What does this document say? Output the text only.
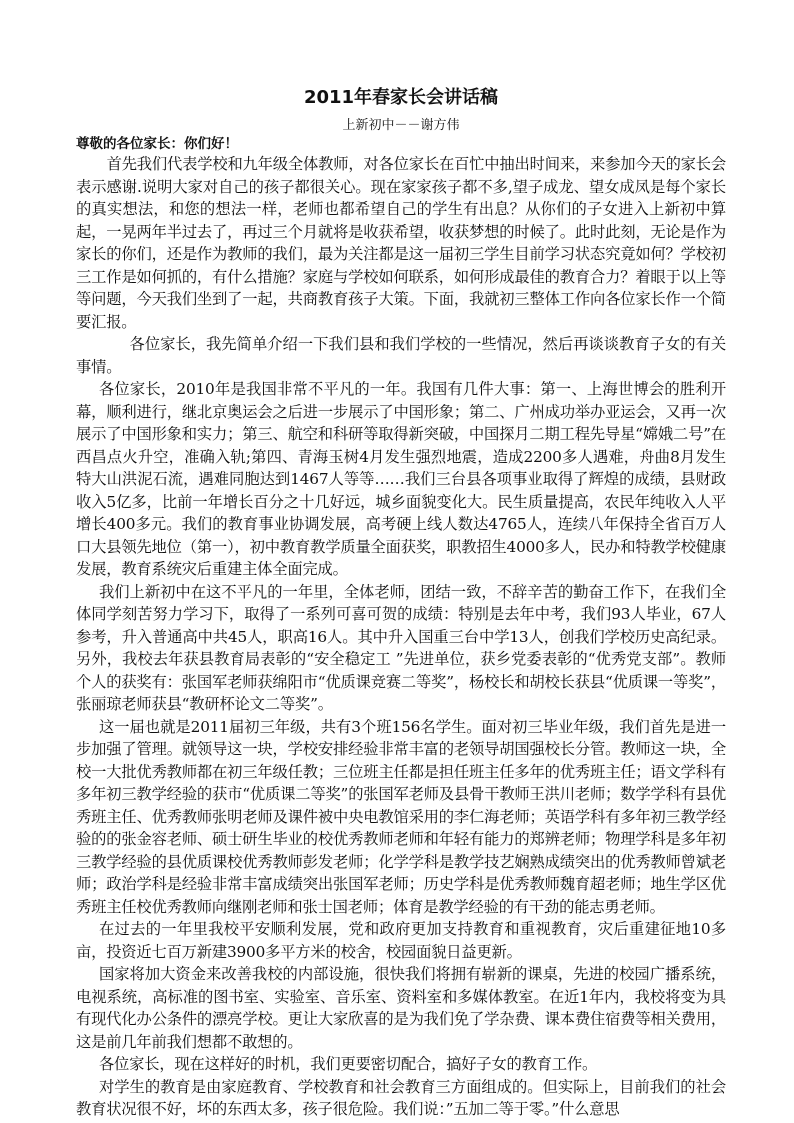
2011年春家长会讲话稿

上新初中－－谢方伟

尊敬的各位家长：你们好！

首先我们代表学校和九年级全体教师，对各位家长在百忙中抽出时间来，来参加今天的家长会表示感谢.说明大家对自己的孩子都很关心。现在家家孩子都不多,望子成龙、望女成凤是每个家长的真实想法，和您的想法一样，老师也都希望自己的学生有出息？从你们的子女进入上新初中算起，一晃两年半过去了，再过三个月就将是收获希望，收获梦想的时候了。此时此刻，无论是作为家长的你们，还是作为教师的我们，最为关注都是这一届初三学生目前学习状态究竟如何？学校初三工作是如何抓的，有什么措施？家庭与学校如何联系，如何形成最佳的教育合力？着眼于以上等等问题，今天我们坐到了一起，共商教育孩子大策。下面，我就初三整体工作向各位家长作一个简要汇报。

各位家长，我先简单介绍一下我们县和我们学校的一些情况，然后再谈谈教育子女的有关事情。

各位家长，2010年是我国非常不平凡的一年。我国有几件大事：第一、上海世博会的胜利开幕，顺利进行，继北京奥运会之后进一步展示了中国形象；第二、广州成功举办亚运会，又再一次展示了中国形象和实力；第三、航空和科研等取得新突破，中国探月二期工程先导星“嫦娥二号”在西昌点火升空，准确入轨;第四、青海玉树4月发生强烈地震，造成2200多人遇难，舟曲8月发生特大山洪泥石流，遇难同胞达到1467人等等……我们三台县各项事业取得了辉煌的成绩，县财政收入5亿多，比前一年增长百分之十几好远，城乡面貌变化大。民生质量提高，农民年纯收入人平增长400多元。我们的教育事业协调发展，高考硬上线人数达4765人，连续八年保持全省百万人口大县领先地位（第一），初中教育教学质量全面获奖，职教招生4000多人，民办和特教学校健康发展，教育系统灾后重建主体全面完成。

我们上新初中在这不平凡的一年里，全体老师，团结一致，不辞辛苦的勤奋工作下，在我们全体同学刻苦努力学习下，取得了一系列可喜可贺的成绩：特别是去年中考，我们93人毕业，67人参考，升入普通高中共45人，职高16人。其中升入国重三台中学13人，创我们学校历史高纪录。另外，我校去年获县教育局表彰的“安全稳定工 ”先进单位，获乡党委表彰的“优秀党支部”。教师个人的获奖有：张国军老师获绵阳市“优质课竞赛二等奖”，杨校长和胡校长获县“优质课一等奖”，张丽琼老师获县“教研杯论文二等奖”。

这一届也就是2011届初三年级，共有3个班156名学生。面对初三毕业年级，我们首先是进一步加强了管理。就领导这一块，学校安排经验非常丰富的老领导胡国强校长分管。教师这一块，全校一大批优秀教师都在初三年级任教；三位班主任都是担任班主任多年的优秀班主任；语文学科有多年初三教学经验的获市“优质课二等奖”的张国军老师及县骨干教师王洪川老师；数学学科有县优秀班主任、优秀教师张明老师及课件被中央电教馆采用的李仁海老师；英语学科有多年初三教学经验的的张金容老师、硕士研生毕业的校优秀教师老师和年轻有能力的郑辨老师；物理学科是多年初三教学经验的县优质课校优秀教师彭发老师；化学学科是教学技艺娴熟成绩突出的优秀教师曾斌老师；政治学科是经验非常丰富成绩突出张国军老师；历史学科是优秀教师魏育超老师；地生学区优秀班主任校优秀教师向继刚老师和张士国老师；体育是教学经验的有干劲的能志勇老师。

在过去的一年里我校平安顺利发展，党和政府更加支持教育和重视教育，灾后重建征地10多亩，投资近七百万新建3900多平方米的校舍，校园面貌日益更新。

国家将加大资金来改善我校的内部设施，很快我们将拥有崭新的课桌，先进的校园广播系统，电视系统，高标准的图书室、实验室、音乐室、资料室和多媒体教室。在近1年内，我校将变为具有现代化办公条件的漂亮学校。更让大家欣喜的是为我们免了学杂费、课本费住宿费等相关费用，这是前几年前我们想都不敢想的。

各位家长，现在这样好的时机，我们更要密切配合，搞好子女的教育工作。

对学生的教育是由家庭教育、学校教育和社会教育三方面组成的。但实际上，目前我们的社会教育状况很不好，坏的东西太多，孩子很危险。我们说：”五加二等于零。”什么意思
